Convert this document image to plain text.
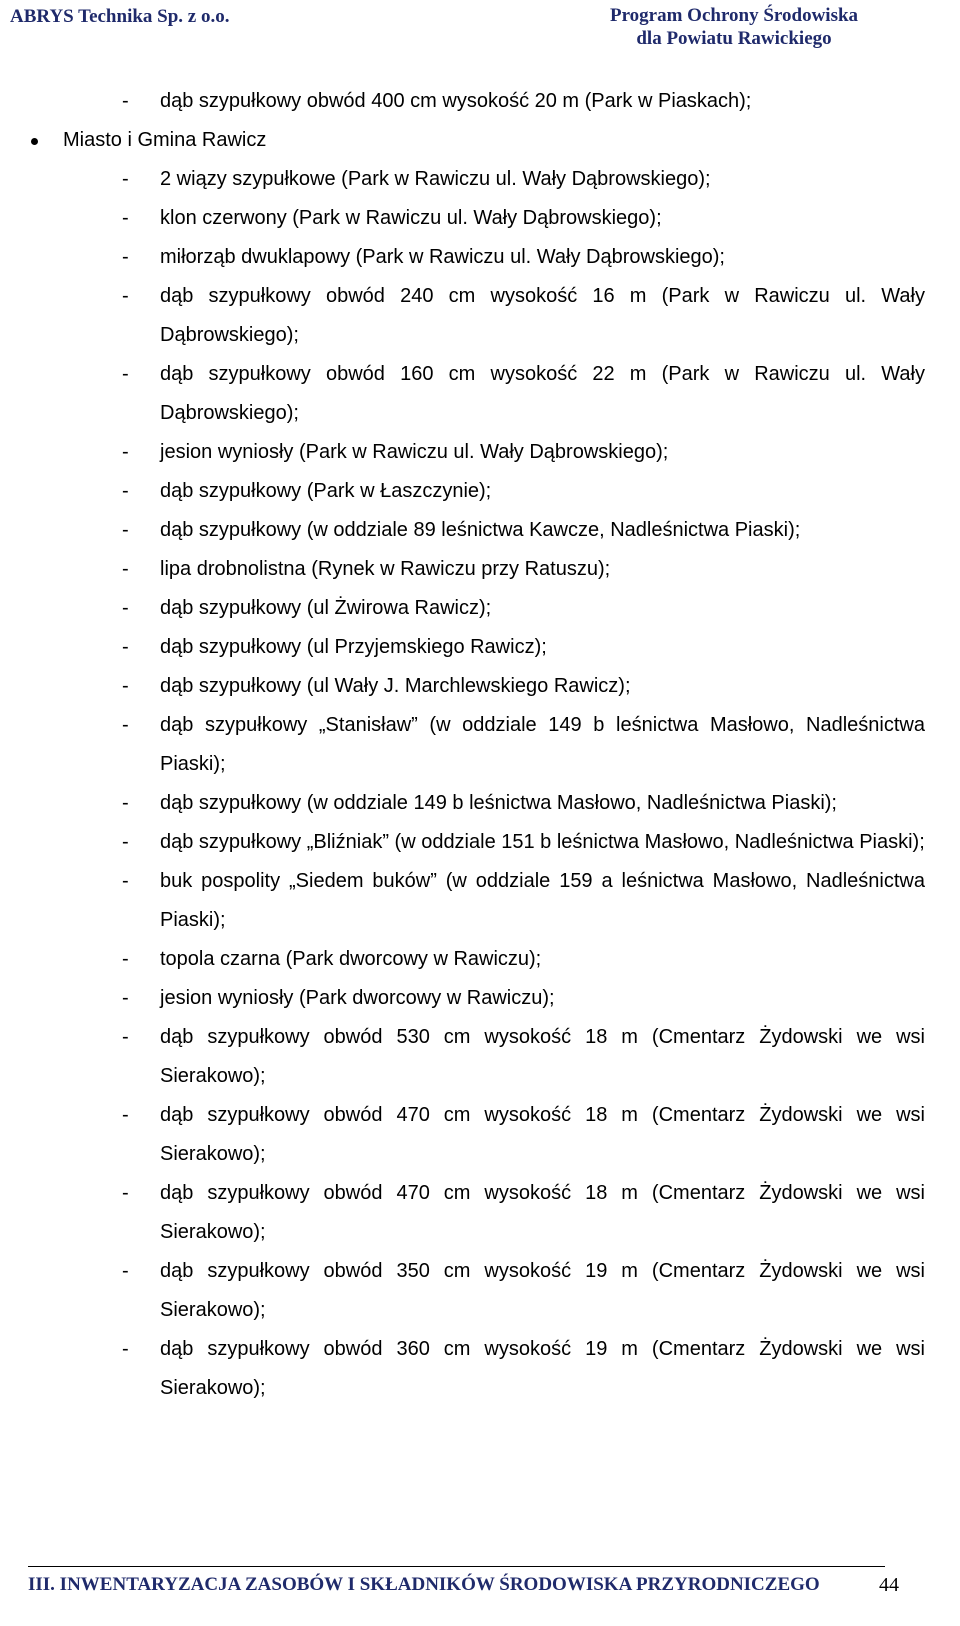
ABRYS Technika Sp. z o.o.	Program Ochrony Środowiska
dla Powiatu Rawickiego
- dąb szypułkowy obwód 400 cm wysokość 20 m (Park w Piaskach);
Miasto i Gmina Rawicz
- 2 wiązy szypułkowe (Park w Rawiczu ul. Wały Dąbrowskiego);
- klon czerwony (Park w Rawiczu ul. Wały Dąbrowskiego);
- miłorząb dwuklapowy (Park w Rawiczu ul. Wały Dąbrowskiego);
- dąb szypułkowy obwód 240 cm wysokość 16 m (Park w Rawiczu ul. Wały Dąbrowskiego);
- dąb szypułkowy obwód 160 cm wysokość 22 m (Park w Rawiczu ul. Wały Dąbrowskiego);
- jesion wyniosły (Park w Rawiczu ul. Wały Dąbrowskiego);
- dąb szypułkowy (Park w Łaszczynie);
- dąb szypułkowy (w oddziale 89 leśnictwa Kawcze, Nadleśnictwa Piaski);
- lipa drobnolistna (Rynek w Rawiczu przy Ratuszu);
- dąb szypułkowy (ul Żwirowa Rawicz);
- dąb szypułkowy (ul Przyjemskiego Rawicz);
- dąb szypułkowy (ul Wały J. Marchlewskiego Rawicz);
- dąb szypułkowy „Stanisław” (w oddziale 149 b leśnictwa Masłowo, Nadleśnictwa Piaski);
- dąb szypułkowy (w oddziale 149 b leśnictwa Masłowo, Nadleśnictwa Piaski);
- dąb szypułkowy „Bliźniak” (w oddziale 151 b leśnictwa Masłowo, Nadleśnictwa Piaski);
- buk pospolity „Siedem buków” (w oddziale 159 a leśnictwa Masłowo, Nadleśnictwa Piaski);
- topola czarna (Park dworcowy w Rawiczu);
- jesion wyniosły (Park dworcowy w Rawiczu);
- dąb szypułkowy obwód 530 cm wysokość 18 m (Cmentarz Żydowski we wsi Sierakowo);
- dąb szypułkowy obwód 470 cm wysokość 18 m (Cmentarz Żydowski we wsi Sierakowo);
- dąb szypułkowy obwód 470 cm wysokość 18 m (Cmentarz Żydowski we wsi Sierakowo);
- dąb szypułkowy obwód 350 cm wysokość 19 m (Cmentarz Żydowski we wsi Sierakowo);
- dąb szypułkowy obwód 360 cm wysokość 19 m (Cmentarz Żydowski we wsi Sierakowo);
III. INWENTARYZACJA ZASOBÓW I SKŁADNIKÓW ŚRODOWISKA PRZYRODNICZEGO	44
